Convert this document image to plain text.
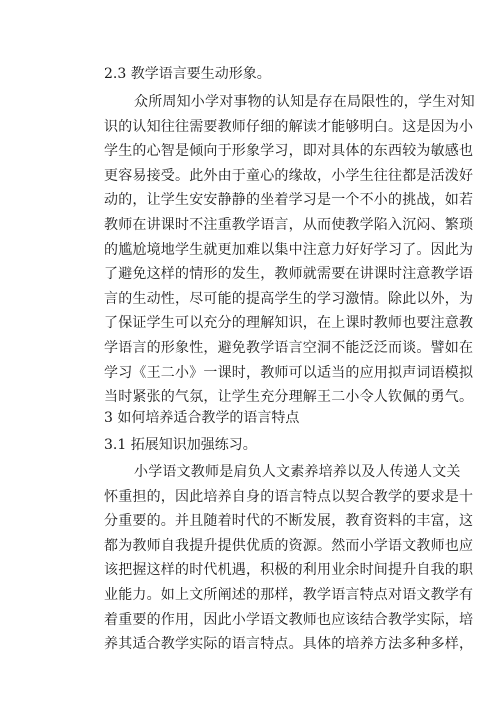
2.3 教学语言要生动形象。

众所周知小学对事物的认知是存在局限性的，学生对知

识的认知往往需要教师仔细的解读才能够明白。这是因为小

学生的心智是倾向于形象学习，即对具体的东西较为敏感也

更容易接受。此外由于童心的缘故，小学生往往都是活泼好

动的，让学生安安静静的坐着学习是一个不小的挑战，如若

教师在讲课时不注重教学语言，从而使教学陷入沉闷、繁琐

的尴尬境地学生就更加难以集中注意力好好学习了。因此为

了避免这样的情形的发生，教师就需要在讲课时注意教学语

言的生动性，尽可能的提高学生的学习激情。除此以外，为

了保证学生可以充分的理解知识，在上课时教师也要注意教

学语言的形象性，避免教学语言空洞不能泛泛而谈。譬如在

学习《王二小》一课时，教师可以适当的应用拟声词语模拟

当时紧张的气氛，让学生充分理解王二小令人钦佩的勇气。

3 如何培养适合教学的语言特点
3.1 拓展知识加强练习。

小学语文教师是肩负人文素养培养以及人传递人文关

怀重担的，因此培养自身的语言特点以契合教学的要求是十

分重要的。并且随着时代的不断发展，教育资料的丰富，这

都为教师自我提升提供优质的资源。然而小学语文教师也应

该把握这样的时代机遇，积极的利用业余时间提升自我的职

业能力。如上文所阐述的那样，教学语言特点对语文教学有

着重要的作用，因此小学语文教师也应该结合教学实际，培

养其适合教学实际的语言特点。具体的培养方法多种多样，
